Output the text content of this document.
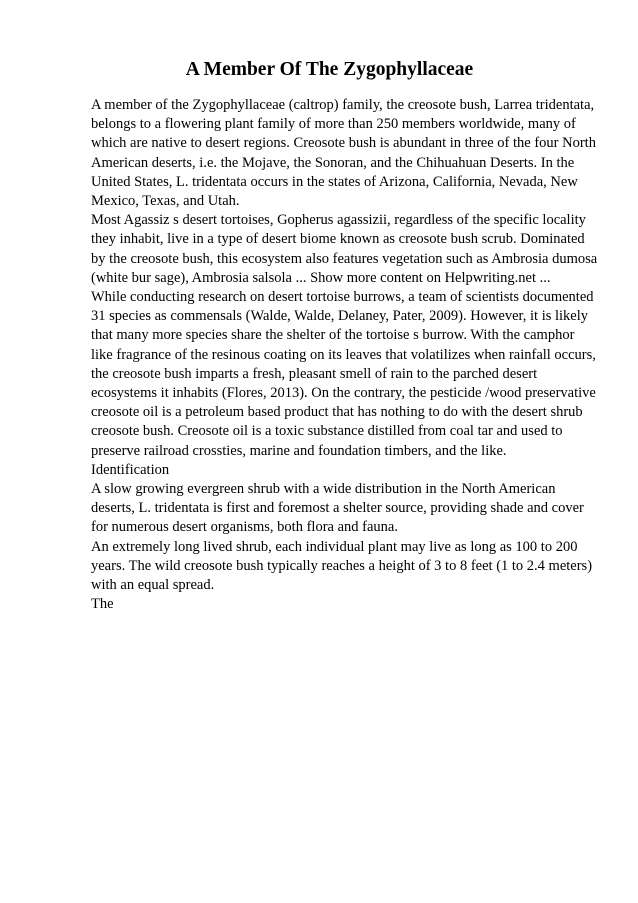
A Member Of The Zygophyllaceae

A member of the Zygophyllaceae (caltrop) family, the creosote bush, Larrea tridentata, belongs to a flowering plant family of more than 250 members worldwide, many of which are native to desert regions. Creosote bush is abundant in three of the four North American deserts, i.e. the Mojave, the Sonoran, and the Chihuahuan Deserts. In the United States, L. tridentata occurs in the states of Arizona, California, Nevada, New Mexico, Texas, and Utah.

Most Agassiz s desert tortoises, Gopherus agassizii, regardless of the specific locality they inhabit, live in a type of desert biome known as creosote bush scrub. Dominated by the creosote bush, this ecosystem also features vegetation such as Ambrosia dumosa (white bur sage), Ambrosia salsola ... Show more content on Helpwriting.net ...

While conducting research on desert tortoise burrows, a team of scientists documented 31 species as commensals (Walde, Walde, Delaney, Pater, 2009). However, it is likely that many more species share the shelter of the tortoise s burrow. With the camphor like fragrance of the resinous coating on its leaves that volatilizes when rainfall occurs, the creosote bush imparts a fresh, pleasant smell of rain to the parched desert ecosystems it inhabits (Flores, 2013). On the contrary, the pesticide /wood preservative creosote oil is a petroleum based product that has nothing to do with the desert shrub creosote bush. Creosote oil is a toxic substance distilled from coal tar and used to preserve railroad crossties, marine and foundation timbers, and the like.

Identification

A slow growing evergreen shrub with a wide distribution in the North American deserts, L. tridentata is first and foremost a shelter source, providing shade and cover for numerous desert organisms, both flora and fauna.

An extremely long lived shrub, each individual plant may live as long as 100 to 200 years. The wild creosote bush typically reaches a height of 3 to 8 feet (1 to 2.4 meters) with an equal spread.

The
